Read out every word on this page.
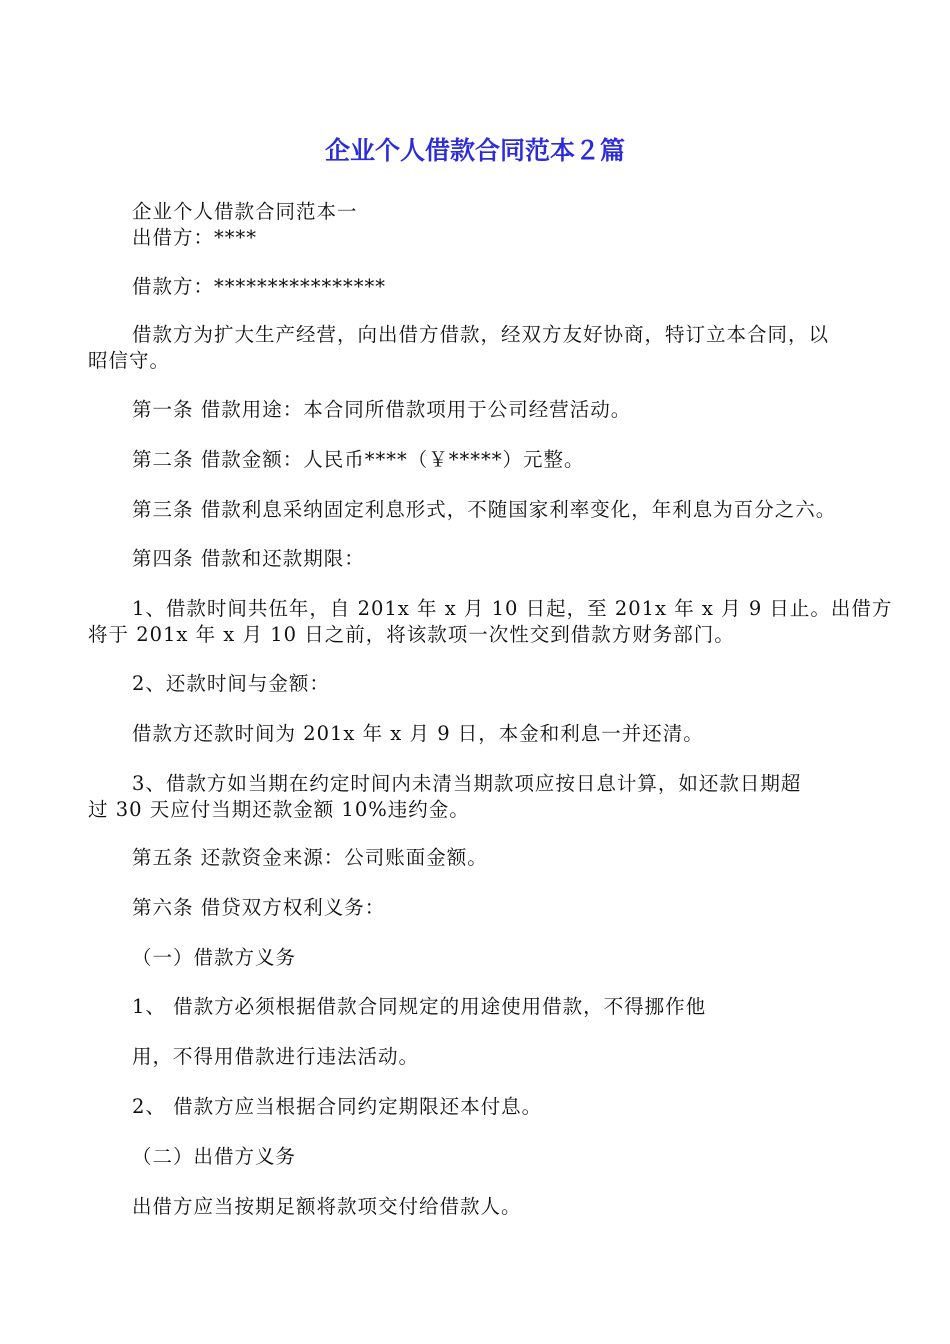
企业个人借款合同范本２篇

企业个人借款合同范本一

出借方：****

借款方：****************

借款方为扩大生产经营，向出借方借款，经双方友好协商，特订立本合同，以
昭信守。

第一条 借款用途：本合同所借款项用于公司经营活动。

第二条 借款金额：人民币****（￥*****）元整。

第三条 借款利息采纳固定利息形式，不随国家利率变化，年利息为百分之六。

第四条 借款和还款期限：

1、借款时间共伍年，自 201x 年 x 月 10 日起，至 201x 年 x 月 9 日止。出借方
将于 201x 年 x 月 10 日之前，将该款项一次性交到借款方财务部门。

2、还款时间与金额：

借款方还款时间为 201x 年 x 月 9 日，本金和利息一并还清。

3、借款方如当期在约定时间内未清当期款项应按日息计算，如还款日期超
过 30 天应付当期还款金额 10%违约金。

第五条 还款资金来源：公司账面金额。

第六条 借贷双方权利义务：

（一）借款方义务

1、 借款方必须根据借款合同规定的用途使用借款，不得挪作他

用，不得用借款进行违法活动。

2、 借款方应当根据合同约定期限还本付息。

（二）出借方义务

出借方应当按期足额将款项交付给借款人。
